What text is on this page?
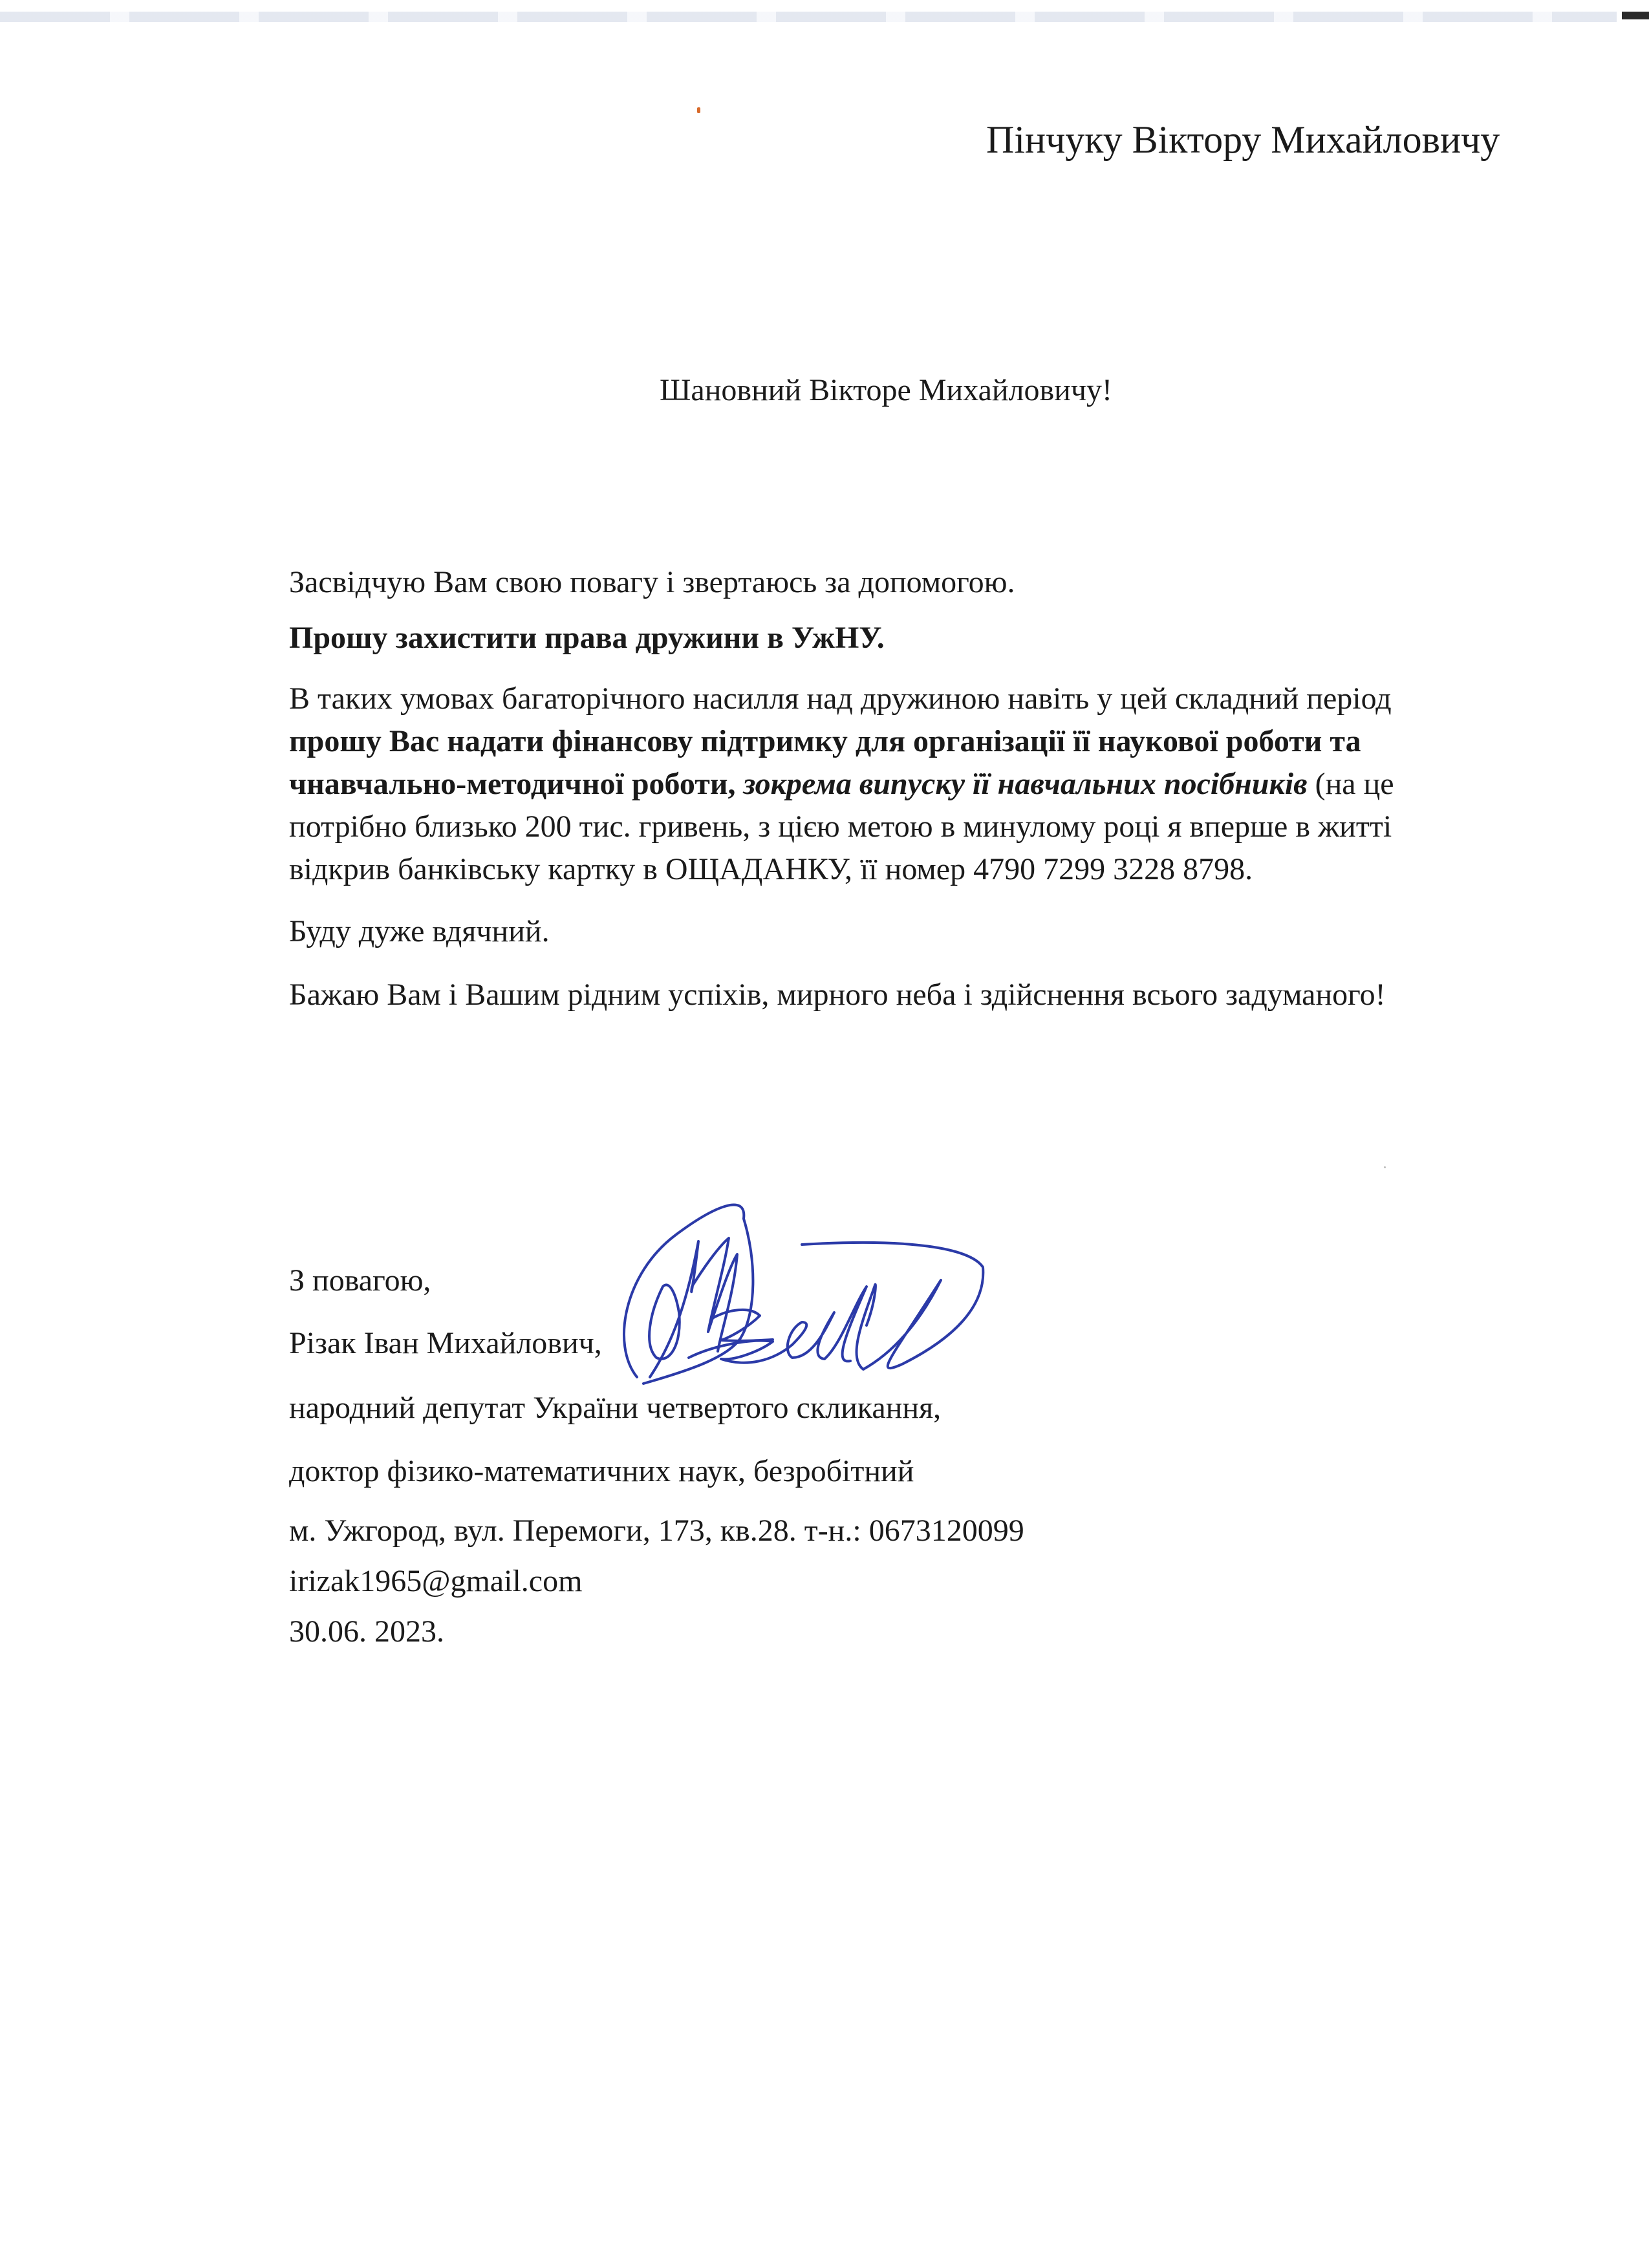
Пінчуку Віктору Михайловичу
Шановний Вікторе Михайловичу!

Засвідчую Вам свою повагу і звертаюсь за допомогою.

Прошу захистити права дружини в УжНУ.

В таких умовах багаторічного насилля над дружиною навіть у цей складний період

прошу Вас надати фінансову підтримку для організації її наукової роботи та

чнавчально-методичної роботи, зокрема випуску її навчальних посібників (на це

потрібно близько 200 тис. гривень, з цією метою в минулому році я вперше в житті

відкрив банківську картку в ОЩАДАНКУ, її номер 4790 7299 3228 8798.

Буду дуже вдячний.

Бажаю Вам і Вашим рідним успіхів, мирного неба і здійснення всього задуманого!

З повагою,
Різак Іван Михайлович,
народний депутат України четвертого скликання,
доктор фізико-математичних наук, безробітний
м. Ужгород, вул. Перемоги, 173, кв.28. т-н.: 0673120099
irizak1965@gmail.com
30.06. 2023.
